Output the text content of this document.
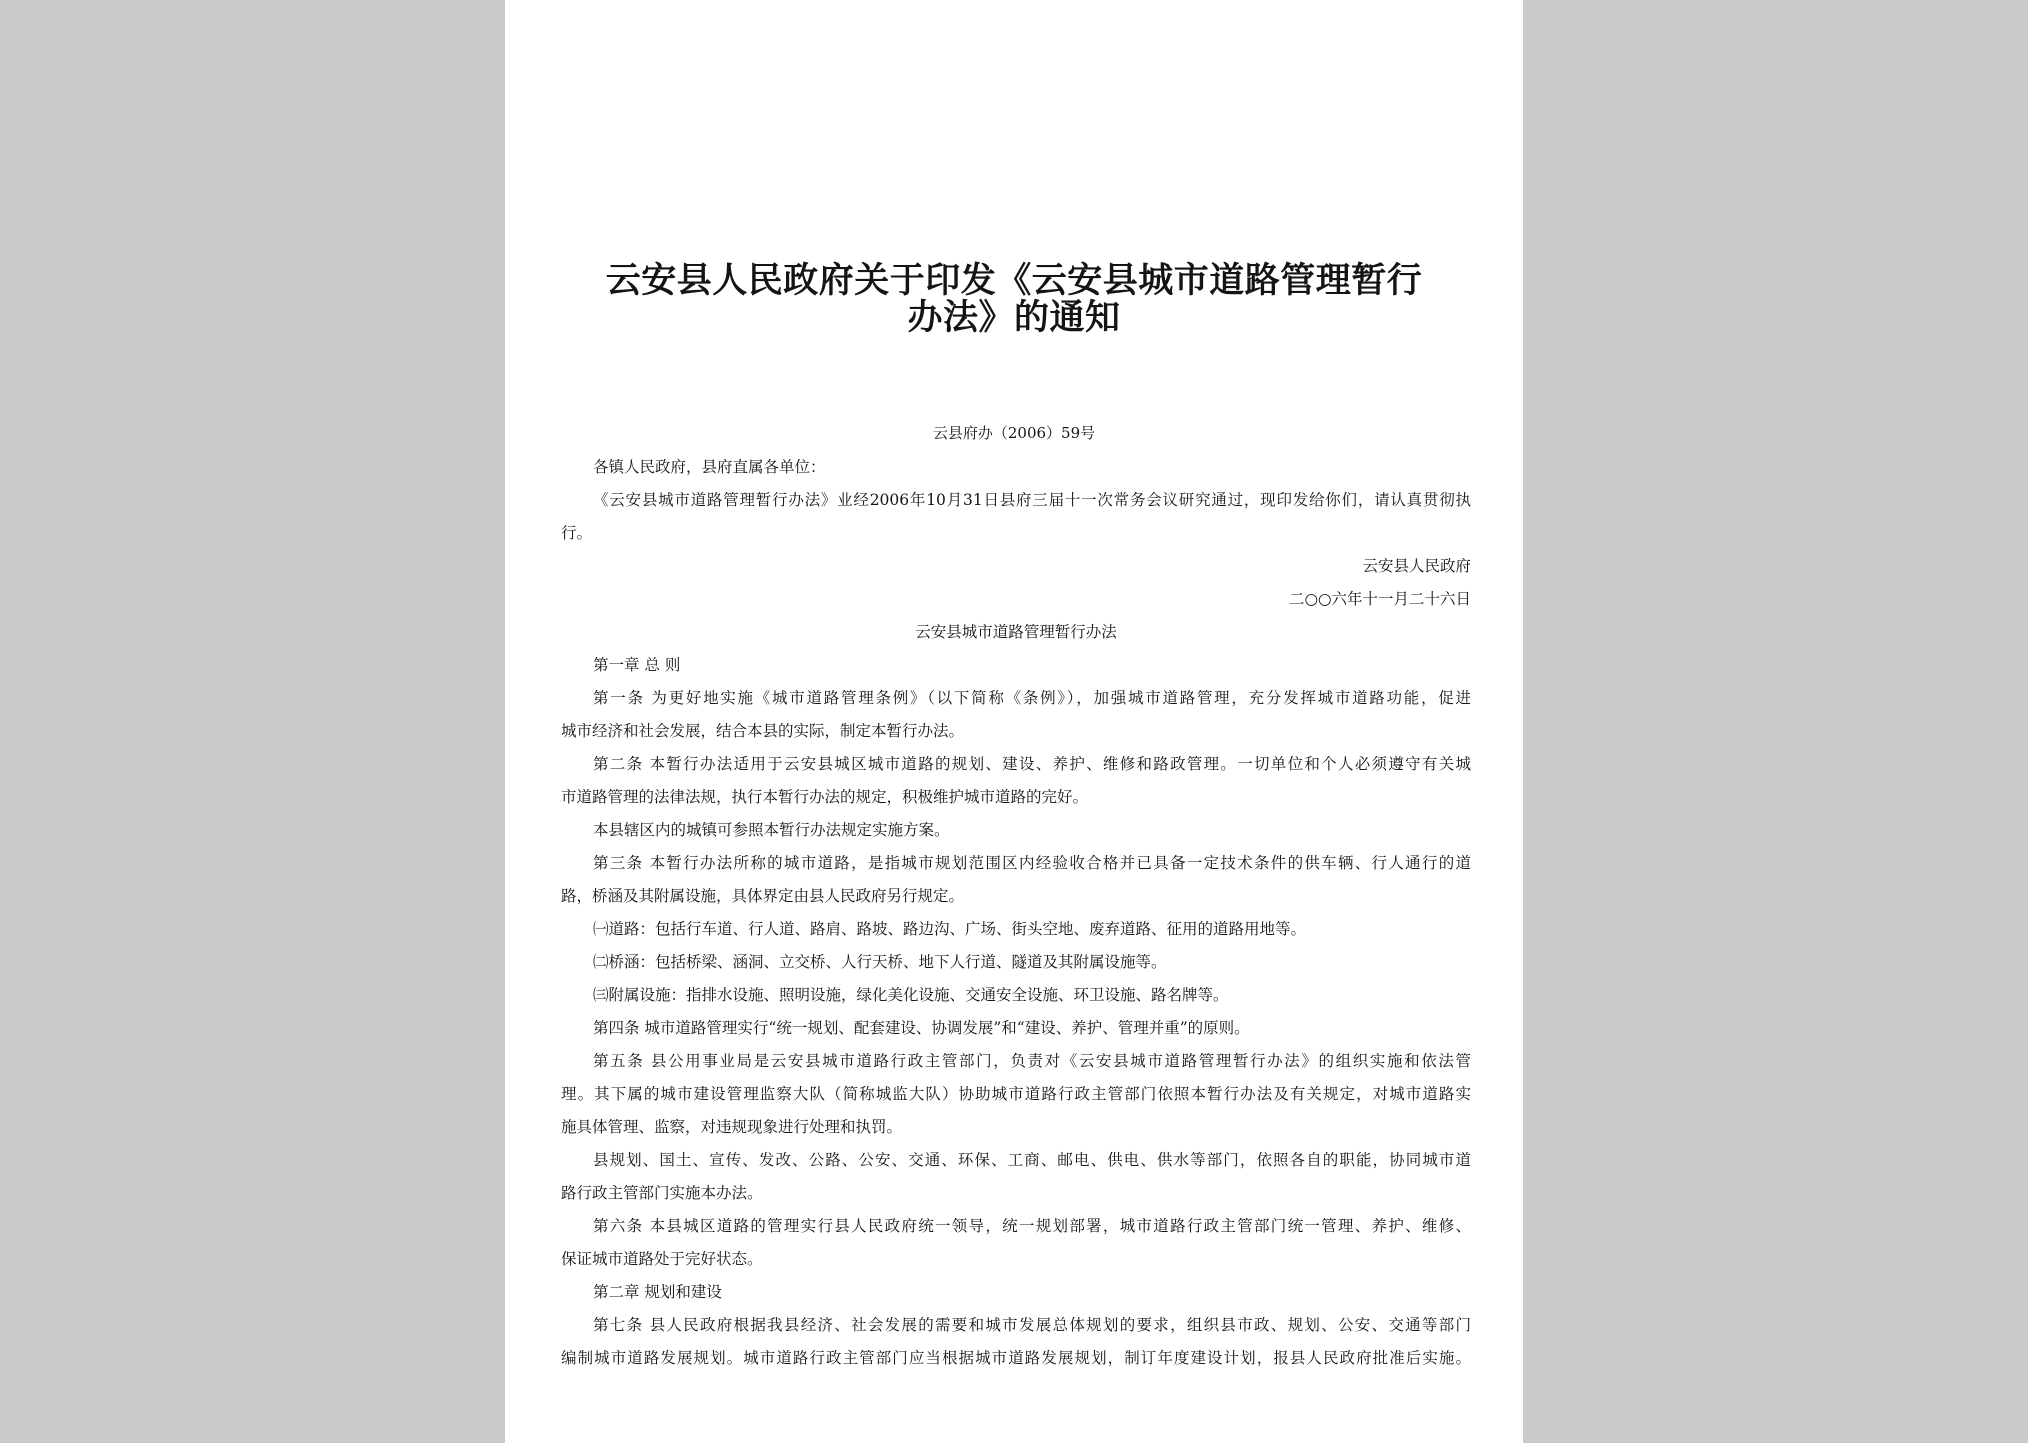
云安县人民政府关于印发《云安县城市道路管理暂行
办法》的通知
云县府办（2006）59号
各镇人民政府，县府直属各单位：
《云安县城市道路管理暂行办法》业经2006年10月31日县府三届十一次常务会议研究通过，现印发给你们，请认真贯彻执
行。
云安县人民政府
二○○六年十一月二十六日
云安县城市道路管理暂行办法
第一章 总 则
第一条 为更好地实施《城市道路管理条例》（以下简称《条例》），加强城市道路管理，充分发挥城市道路功能，促进
城市经济和社会发展，结合本县的实际，制定本暂行办法。
第二条 本暂行办法适用于云安县城区城市道路的规划、建设、养护、维修和路政管理。一切单位和个人必须遵守有关城
市道路管理的法律法规，执行本暂行办法的规定，积极维护城市道路的完好。
本县辖区内的城镇可参照本暂行办法规定实施方案。
第三条 本暂行办法所称的城市道路，是指城市规划范围区内经验收合格并已具备一定技术条件的供车辆、行人通行的道
路，桥涵及其附属设施，具体界定由县人民政府另行规定。
㈠道路：包括行车道、行人道、路肩、路坡、路边沟、广场、街头空地、废弃道路、征用的道路用地等。
㈡桥涵：包括桥梁、涵洞、立交桥、人行天桥、地下人行道、隧道及其附属设施等。
㈢附属设施：指排水设施、照明设施，绿化美化设施、交通安全设施、环卫设施、路名牌等。
第四条 城市道路管理实行“统一规划、配套建设、协调发展”和“建设、养护、管理并重”的原则。
第五条 县公用事业局是云安县城市道路行政主管部门，负责对《云安县城市道路管理暂行办法》的组织实施和依法管
理。其下属的城市建设管理监察大队（简称城监大队）协助城市道路行政主管部门依照本暂行办法及有关规定，对城市道路实
施具体管理、监察，对违规现象进行处理和执罚。
县规划、国土、宣传、发改、公路、公安、交通、环保、工商、邮电、供电、供水等部门，依照各自的职能，协同城市道
路行政主管部门实施本办法。
第六条 本县城区道路的管理实行县人民政府统一领导，统一规划部署，城市道路行政主管部门统一管理、养护、维修、
保证城市道路处于完好状态。
第二章 规划和建设
第七条 县人民政府根据我县经济、社会发展的需要和城市发展总体规划的要求，组织县市政、规划、公安、交通等部门
编制城市道路发展规划。城市道路行政主管部门应当根据城市道路发展规划，制订年度建设计划，报县人民政府批准后实施。
